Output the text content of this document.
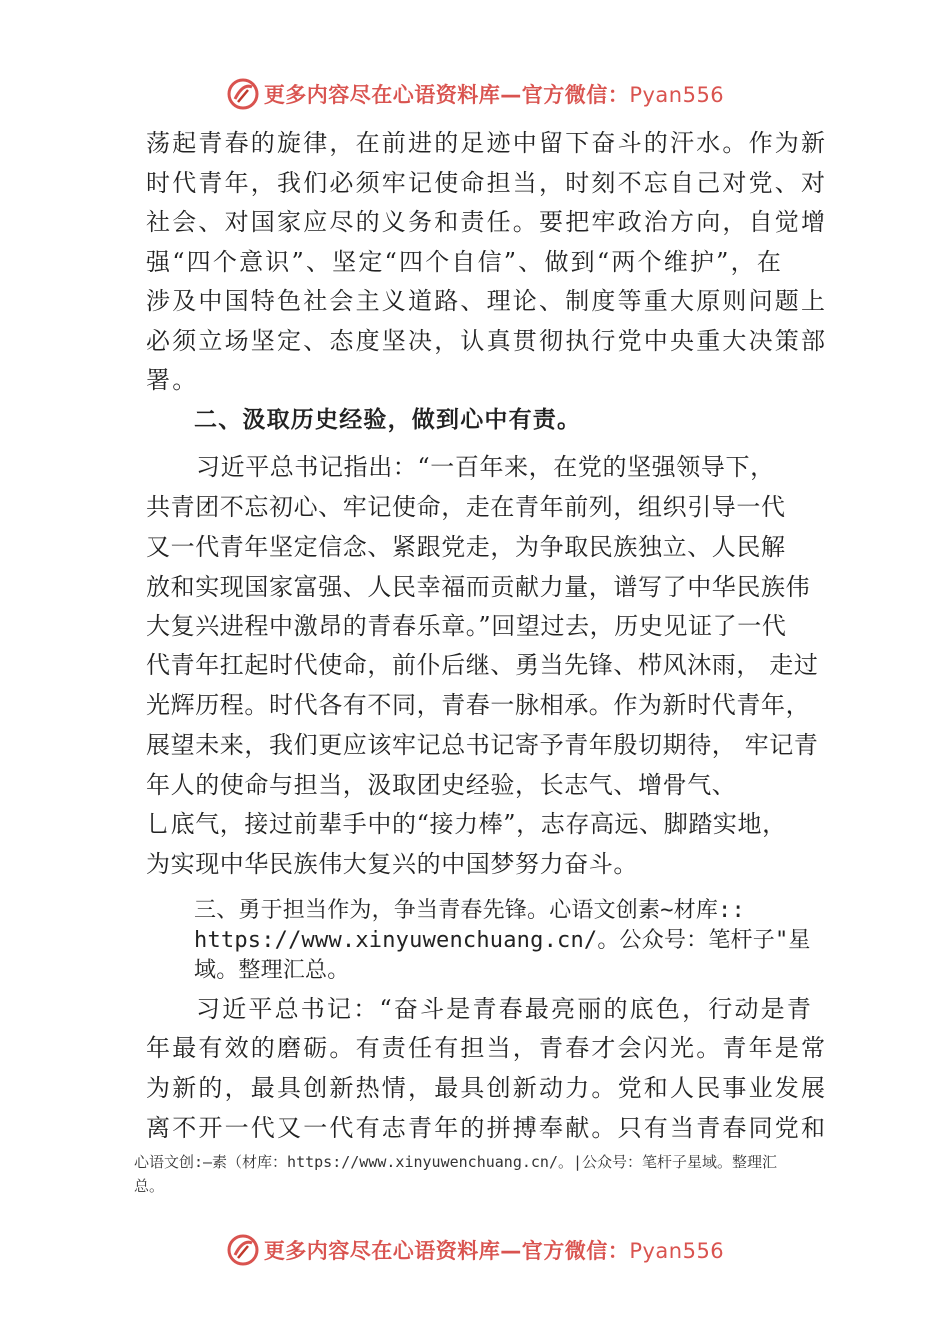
更多内容尽在心语资料库—官方微信：Pyan556
荡起青春的旋律，在前进的足迹中留下奋斗的汗水。作为新
时代青年，我们必须牢记使命担当，时刻不忘自己对党、对
社会、对国家应尽的义务和责任。要把牢政治方向，自觉增
强“四个意识”、坚定“四个自信”、做到“两个维护”，在
涉及中国特色社会主义道路、理论、制度等重大原则问题上
必须立场坚定、态度坚决，认真贯彻执行党中央重大决策部
署。
二、汲取历史经验，做到心中有责。
习近平总书记指出：“一百年来，在党的坚强领导下，
共青团不忘初心、牢记使命，走在青年前列，组织引导一代
又一代青年坚定信念、紧跟党走，为争取民族独立、人民解
放和实现国家富强、人民幸福而贡献力量，谱写了中华民族伟
大复兴进程中激昂的青春乐章。”回望过去，历史见证了一代
代青年扛起时代使命，前仆后继、勇当先锋、栉风沐雨， 走过
光辉历程。时代各有不同，青春一脉相承。作为新时代青年，
展望未来，我们更应该牢记总书记寄予青年殷切期待， 牢记青
年人的使命与担当，汲取团史经验，长志气、增骨气、
乚底气，接过前辈手中的“接力棒”，志存高远、脚踏实地，
为实现中华民族伟大复兴的中国梦努力奋斗。
三、勇于担当作为，争当青春先锋。心语文创素~材库::
https://www.xinyuwenchuang.cn/。公众号：笔杆子"星
域。整理汇总。
习近平总书记：“奋斗是青春最亮丽的底色，行动是青
年最有效的磨砺。有责任有担当，青春才会闪光。青年是常
为新的，最具创新热情，最具创新动力。党和人民事业发展
离不开一代又一代有志青年的拼搏奉献。只有当青春同党和
心语文创:—素（材库：https://www.xinyuwenchuang.cn/。|公众号：笔杆子星域。整理汇
总。
更多内容尽在心语资料库—官方微信：Pyan556
